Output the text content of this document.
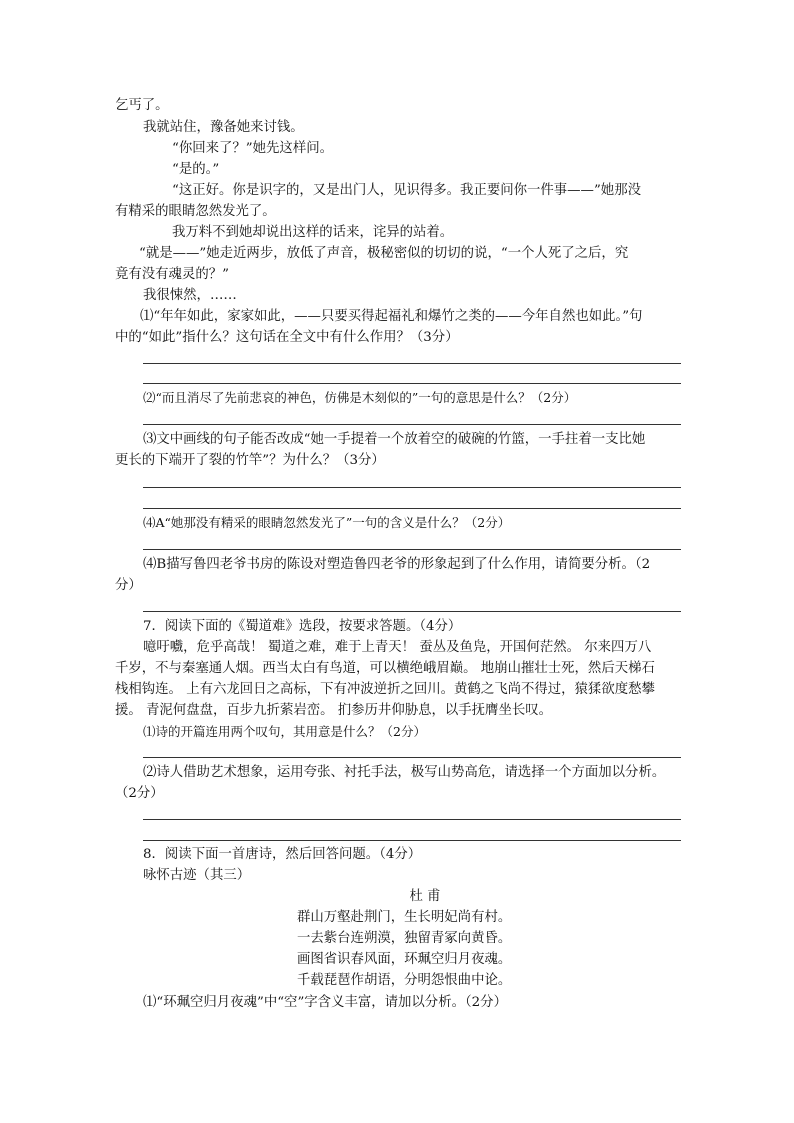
乞丐了。
我就站住，豫备她来讨钱。
“你回来了？”她先这样问。
“是的。”
“这正好。你是识字的，又是出门人，见识得多。我正要问你一件事——”她那没
有精采的眼睛忽然发光了。
我万料不到她却说出这样的话来，诧异的站着。
“就是——”她走近两步，放低了声音，极秘密似的切切的说，“一个人死了之后，究
竟有没有魂灵的？”
我很悚然，……
⑴“年年如此，家家如此，——只要买得起福礼和爆竹之类的——今年自然也如此。”句
中的“如此”指什么？这句话在全文中有什么作用？（3分）
⑵“而且消尽了先前悲哀的神色，仿佛是木刻似的”一句的意思是什么？（2分）
⑶文中画线的句子能否改成“她一手提着一个放着空的破碗的竹篮，一手拄着一支比她
更长的下端开了裂的竹竿”？为什么？（3分）
⑷A“她那没有精采的眼睛忽然发光了”一句的含义是什么？（2分）
⑷B描写鲁四老爷书房的陈设对塑造鲁四老爷的形象起到了什么作用，请简要分析。（2
分）
7．阅读下面的《蜀道难》选段，按要求答题。（4分）
噫吁嚱，危乎高哉！ 蜀道之难，难于上青天！ 蚕丛及鱼凫，开国何茫然。 尔来四万八
千岁，不与秦塞通人烟。西当太白有鸟道，可以横绝峨眉巅。 地崩山摧壮士死，然后天梯石
栈相钩连。 上有六龙回日之高标，下有冲波逆折之回川。黄鹤之飞尚不得过，猿猱欲度愁攀
援。 青泥何盘盘，百步九折萦岩峦。 扪参历井仰胁息，以手抚膺坐长叹。
⑴诗的开篇连用两个叹句，其用意是什么？（2分）
⑵诗人借助艺术想象，运用夸张、衬托手法，极写山势高危，请选择一个方面加以分析。
（2分）
8．阅读下面一首唐诗，然后回答问题。（4分）
咏怀古迹（其三）
杜 甫
群山万壑赴荆门，生长明妃尚有村。
一去紫台连朔漠，独留青冢向黄昏。
画图省识春风面，环珮空归月夜魂。
千载琵琶作胡语，分明怨恨曲中论。
⑴“环珮空归月夜魂”中“空”字含义丰富，请加以分析。（2分）
